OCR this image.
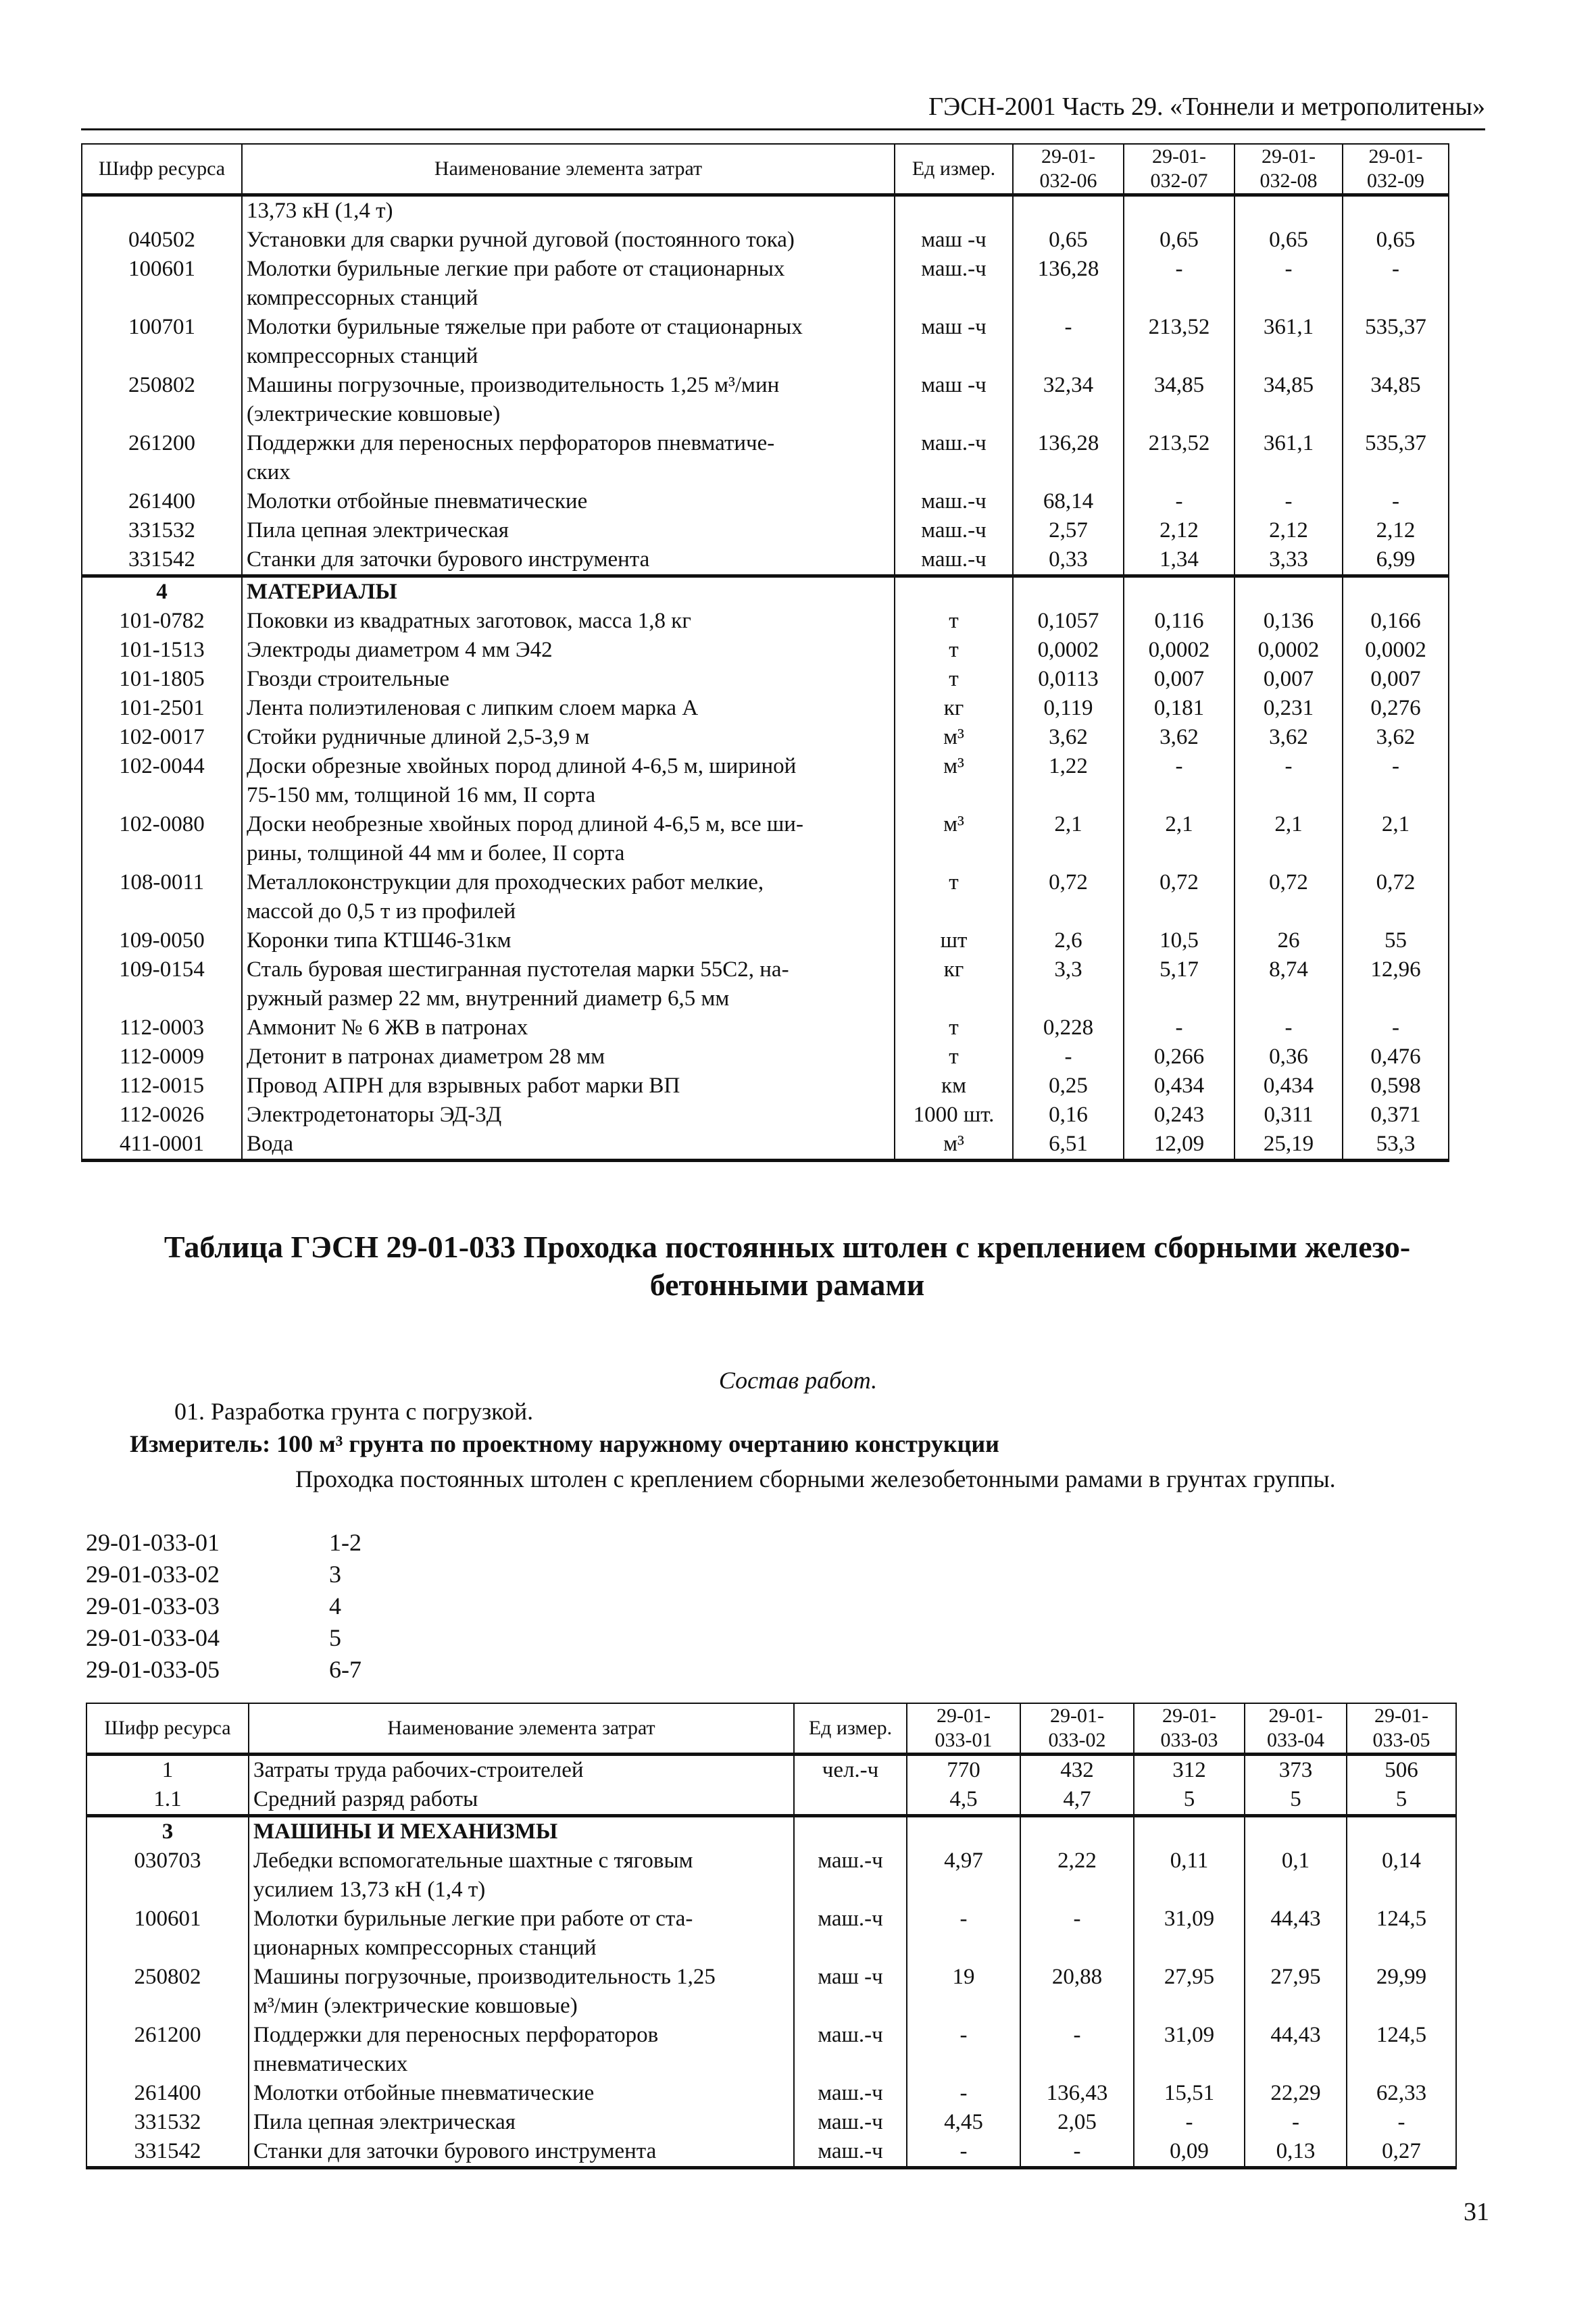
ГЭСН-2001 Часть 29. «Тоннели и метрополитены»
Шифр ресурса	Наименование элемента затрат	Ед измер.	29-01-
032-06	29-01-
032-07	29-01-
032-08	29-01-
032-09
	13,73 кН (1,4 т)					
040502	Установки для сварки ручной дуговой (постоянного тока)	маш -ч	0,65	0,65	0,65	0,65
100601	Молотки бурильные легкие при работе от стационарных
компрессорных станций	маш.-ч	136,28	-	-	-
100701	Молотки бурильные тяжелые при работе от стационарных
компрессорных станций	маш -ч	-	213,52	361,1	535,37
250802	Машины погрузочные, производительность 1,25 м³/мин
(электрические ковшовые)	маш -ч	32,34	34,85	34,85	34,85
261200	Поддержки для переносных перфораторов пневматиче-
ских	маш.-ч	136,28	213,52	361,1	535,37
261400	Молотки отбойные пневматические	маш.-ч	68,14	-	-	-
331532	Пила цепная электрическая	маш.-ч	2,57	2,12	2,12	2,12
331542	Станки для заточки бурового инструмента	маш.-ч	0,33	1,34	3,33	6,99
4	МАТЕРИАЛЫ					
101-0782	Поковки из квадратных заготовок, масса 1,8 кг	т	0,1057	0,116	0,136	0,166
101-1513	Электроды диаметром 4 мм Э42	т	0,0002	0,0002	0,0002	0,0002
101-1805	Гвозди строительные	т	0,0113	0,007	0,007	0,007
101-2501	Лента полиэтиленовая с липким слоем марка А	кг	0,119	0,181	0,231	0,276
102-0017	Стойки рудничные длиной 2,5-3,9 м	м³	3,62	3,62	3,62	3,62
102-0044	Доски обрезные хвойных пород длиной 4-6,5 м, шириной
75-150 мм, толщиной 16 мм, II сорта	м³	1,22	-	-	-
102-0080	Доски необрезные хвойных пород длиной 4-6,5 м, все ши-
рины, толщиной 44 мм и более, II сорта	м³	2,1	2,1	2,1	2,1
108-0011	Металлоконструкции для проходческих работ мелкие,
массой до 0,5 т из профилей	т	0,72	0,72	0,72	0,72
109-0050	Коронки типа КТШ46-31км	шт	2,6	10,5	26	55
109-0154	Сталь буровая шестигранная пустотелая марки 55С2, на-
ружный размер 22 мм, внутренний диаметр 6,5 мм	кг	3,3	5,17	8,74	12,96
112-0003	Аммонит № 6 ЖВ в патронах	т	0,228	-	-	-
112-0009	Детонит в патронах диаметром 28 мм	т	-	0,266	0,36	0,476
112-0015	Провод АПРН для взрывных работ марки ВП	км	0,25	0,434	0,434	0,598
112-0026	Электродетонаторы ЭД-3Д	1000 шт.	0,16	0,243	0,311	0,371
411-0001	Вода	м³	6,51	12,09	25,19	53,3
Таблица ГЭСН 29-01-033 Проходка постоянных штолен с креплением сборными железо-
бетонными рамами
Состав работ.
01. Разработка грунта с погрузкой.
Измеритель: 100 м³ грунта по проектному наружному очертанию конструкции
Проходка постоянных штолен с креплением сборными железобетонными рамами в грунтах группы.
29-01-033-01	1-2
29-01-033-02	3
29-01-033-03	4
29-01-033-04	5
29-01-033-05	6-7
Шифр ресурса	Наименование элемента затрат	Ед измер.	29-01-
033-01	29-01-
033-02	29-01-
033-03	29-01-
033-04	29-01-
033-05
1	Затраты труда рабочих-строителей	чел.-ч	770	432	312	373	506
1.1	Средний разряд работы		4,5	4,7	5	5	5
3	МАШИНЫ И МЕХАНИЗМЫ						
030703	Лебедки вспомогательные шахтные с тяговым
усилием 13,73 кН (1,4 т)	маш.-ч	4,97	2,22	0,11	0,1	0,14
100601	Молотки бурильные легкие при работе от ста-
ционарных компрессорных станций	маш.-ч	-	-	31,09	44,43	124,5
250802	Машины погрузочные, производительность 1,25
м³/мин (электрические ковшовые)	маш -ч	19	20,88	27,95	27,95	29,99
261200	Поддержки для переносных перфораторов
пневматических	маш.-ч	-	-	31,09	44,43	124,5
261400	Молотки отбойные пневматические	маш.-ч	-	136,43	15,51	22,29	62,33
331532	Пила цепная электрическая	маш.-ч	4,45	2,05	-	-	-
331542	Станки для заточки бурового инструмента	маш.-ч	-	-	0,09	0,13	0,27
31
